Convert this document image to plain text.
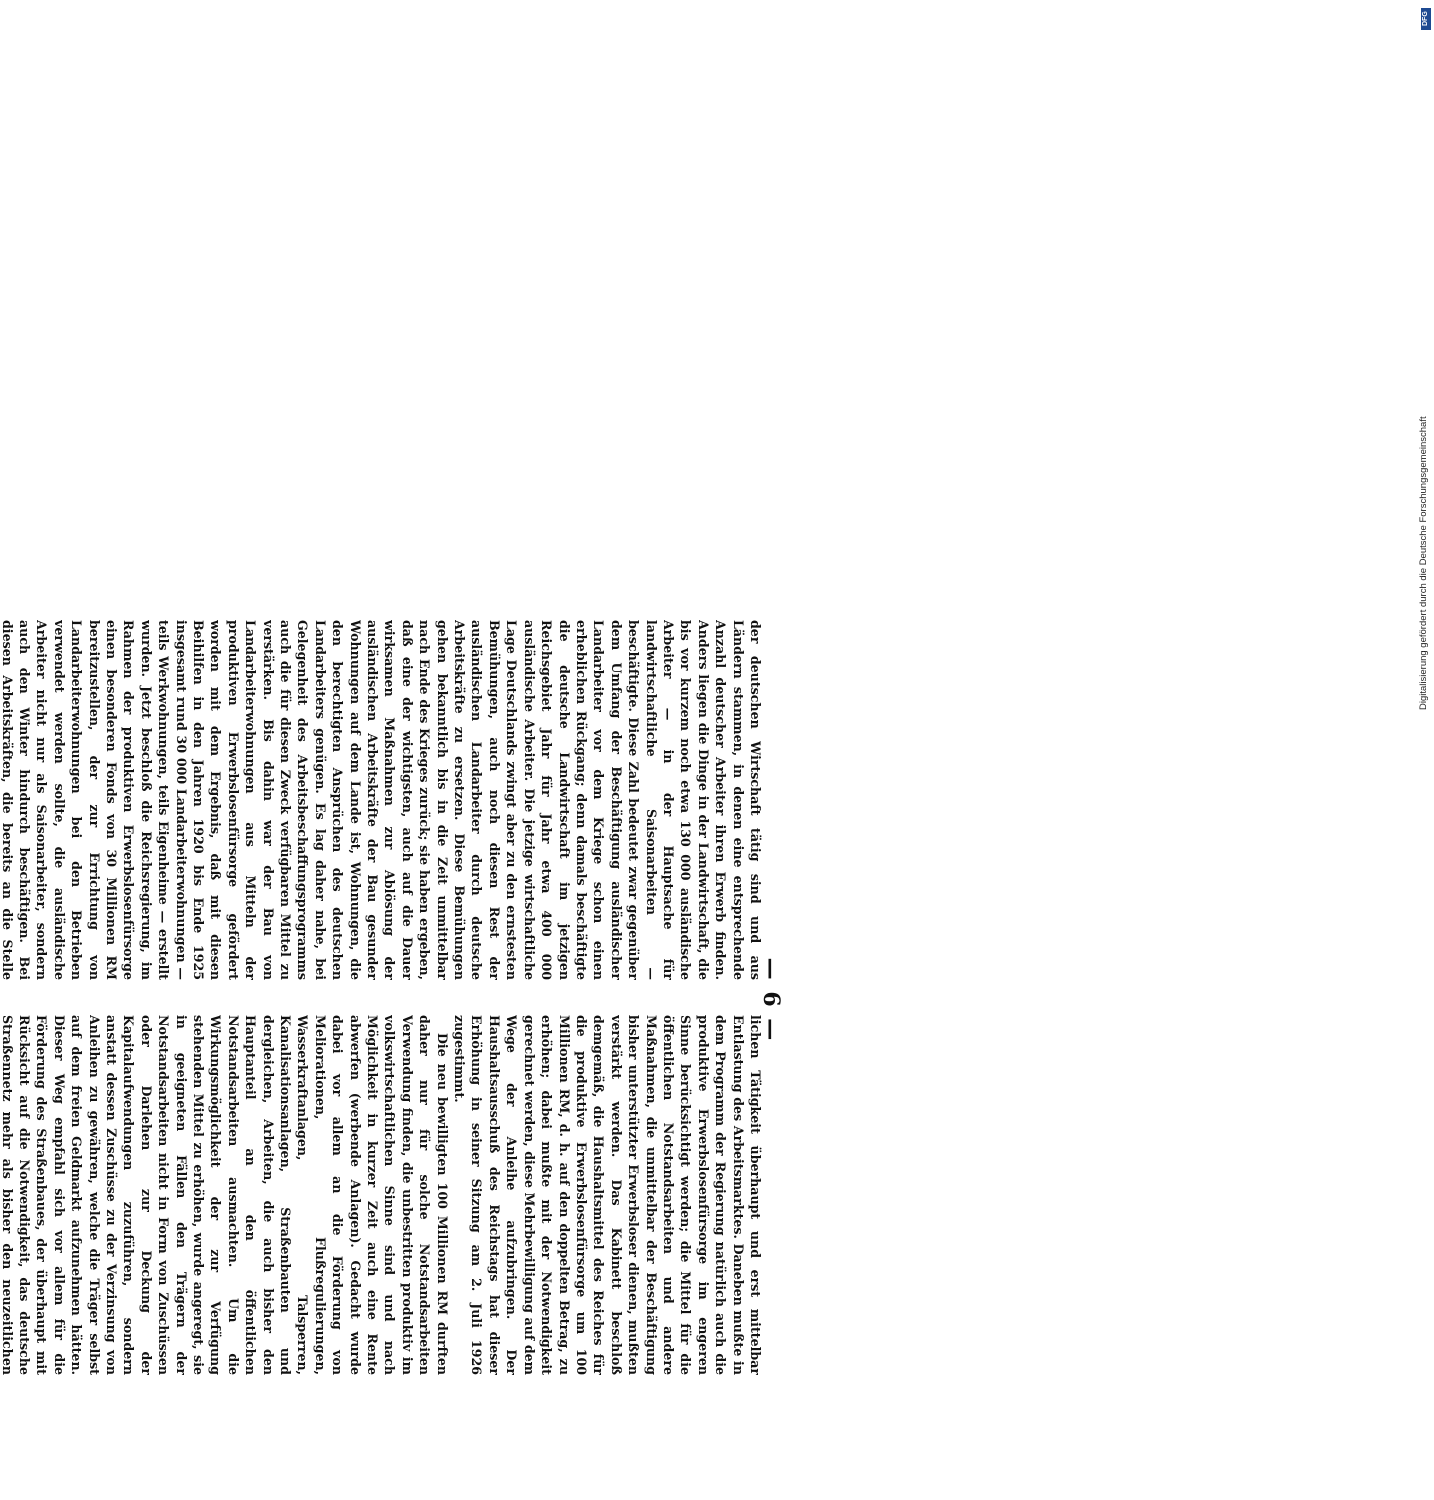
— 6 —

der deutschen Wirtschaft tätig sind und aus Ländern stammen, in denen eine entsprechende Anzahl deutscher Arbeiter ihren Erwerb finden. Anders liegen die Dinge in der Landwirtschaft, die bis vor kurzem noch etwa 130 000 ausländische Arbeiter — in der Hauptsache für landwirtschaftliche Saisonarbeiten — beschäftigte. Diese Zahl bedeutet zwar gegenüber dem Umfang der Beschäftigung ausländischer Landarbeiter vor dem Kriege schon einen erheblichen Rückgang; denn damals beschäftigte die deutsche Landwirtschaft im jetzigen Reichsgebiet Jahr für Jahr etwa 400 000 ausländische Arbeiter. Die jetzige wirtschaftliche Lage Deutschlands zwingt aber zu den ernstesten Bemühungen, auch noch diesen Rest der ausländischen Landarbeiter durch deutsche Arbeitskräfte zu ersetzen. Diese Bemühungen gehen bekanntlich bis in die Zeit unmittelbar nach Ende des Krieges zurück; sie haben ergeben, daß eine der wichtigsten, auch auf die Dauer wirksamen Maßnahmen zur Ablösung der ausländischen Arbeitskräfte der Bau gesunder Wohnungen auf dem Lande ist, Wohnungen, die den berechtigten Ansprüchen des deutschen Landarbeiters genügen. Es lag daher nahe, bei Gelegenheit des Arbeitsbeschaffungsprogramms auch die für diesen Zweck verfügbaren Mittel zu verstärken. Bis dahin war der Bau von Landarbeiterwohnungen aus Mitteln der produktiven Erwerbslosenfürsorge gefördert worden mit dem Ergebnis, daß mit diesen Beihilfen in den Jahren 1920 bis Ende 1925 insgesamt rund 30 000 Landarbeiterwohnungen — teils Werkwohnungen, teils Eigenheime — erstellt wurden. Jetzt beschloß die Reichsregierung, im Rahmen der produktiven Erwerbslosenfürsorge einen besonderen Fonds von 30 Millionen RM bereitzustellen, der zur Errichtung von Landarbeiterwohnungen bei den Betrieben verwendet werden sollte, die ausländische Arbeiter nicht nur als Saisonarbeiter, sondern auch den Winter hindurch beschäftigen. Bei diesen Arbeitskräften, die bereits an die Stelle

lichen Tätigkeit überhaupt und erst mittelbar Entlastung des Arbeitsmarktes. Daneben mußte in dem Programm der Regierung natürlich auch die produktive Erwerbslosenfürsorge im engeren Sinne berücksichtigt werden; die Mittel für die öffentlichen Notstandsarbeiten und andere Maßnahmen, die unmittelbar der Beschäftigung bisher unterstützter Erwerbsloser dienen, mußten verstärkt werden. Das Kabinett beschloß demgemäß, die Haushaltsmittel des Reiches für die produktive Erwerbslosenfürsorge um 100 Millionen RM, d. h. auf den doppelten Betrag, zu erhöhen; dabei mußte mit der Notwendigkeit gerechnet werden, diese Mehrbewilligung auf dem Wege der Anleihe aufzubringen. Der Haushaltsausschuß des Reichstags hat dieser Erhöhung in seiner Sitzung am 2. Juli 1926 zugestimmt.

Die neu bewilligten 100 Millionen RM durften daher nur für solche Notstandsarbeiten Verwendung finden, die unbestritten produktiv im volkswirtschaftlichen Sinne sind und nach Möglichkeit in kurzer Zeit auch eine Rente abwerfen (werbende Anlagen). Gedacht wurde dabei vor allem an die Förderung von Meliorationen, Flußregulierungen, Wasserkraftanlagen, Talsperren, Kanalisationsanlagen, Straßenbauten und dergleichen, Arbeiten, die auch bisher den Hauptanteil an den öffentlichen Notstandsarbeiten ausmachten. Um die Wirkungsmöglichkeit der zur Verfügung stehenden Mittel zu erhöhen, wurde angeregt, sie in geeigneten Fällen den Trägern der Notstandsarbeiten nicht in Form von Zuschüssen oder Darlehen zur Deckung der Kapitalaufwendungen zuzuführen, sondern anstatt dessen Zuschüsse zu der Verzinsung von Anleihen zu gewähren, welche die Träger selbst auf dem freien Geldmarkt aufzunehmen hätten. Dieser Weg empfahl sich vor allem für die Förderung des Straßenbaues, der überhaupt mit Rücksicht auf die Notwendigkeit, das deutsche Straßennetz mehr als bisher den neuzeitlichen

DFG
Digitalisierung gefördert durch die Deutsche Forschungsgemeinschaft
